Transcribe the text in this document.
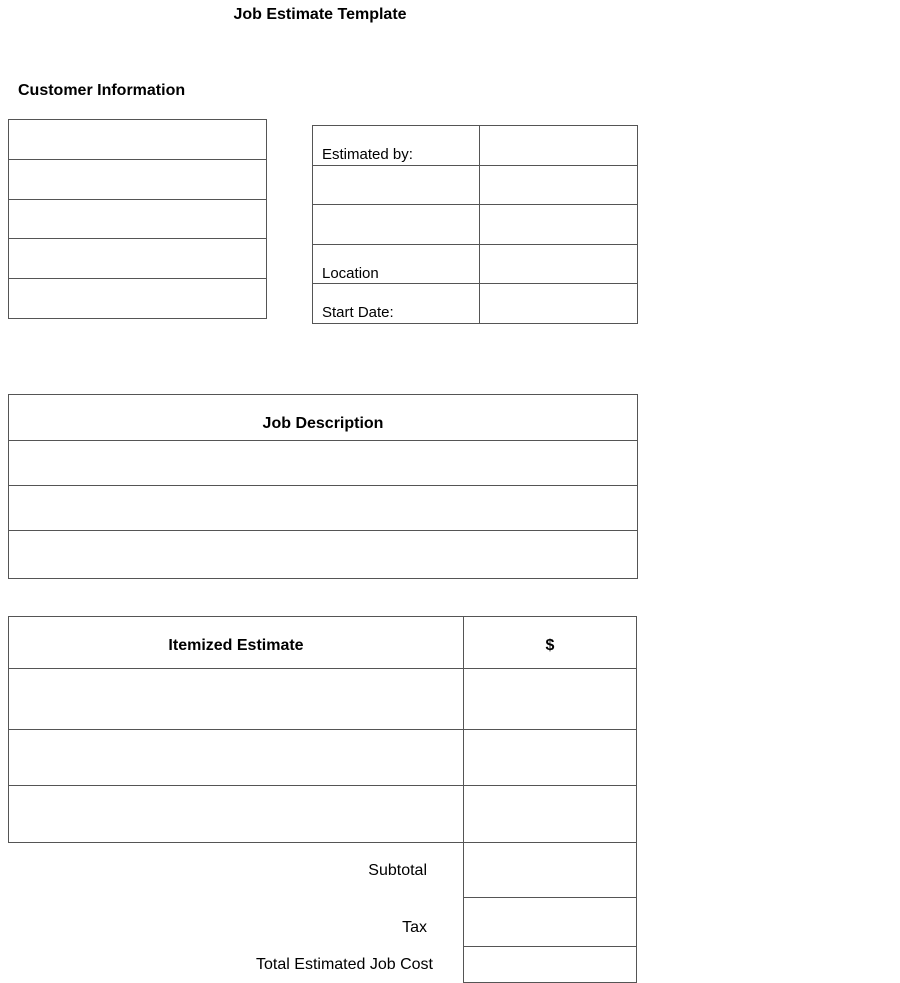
Job Estimate Template
Customer Information
Estimated by:
Location
Start Date:
Job Description
Itemized Estimate	$
Subtotal
Tax
Total Estimated Job Cost
